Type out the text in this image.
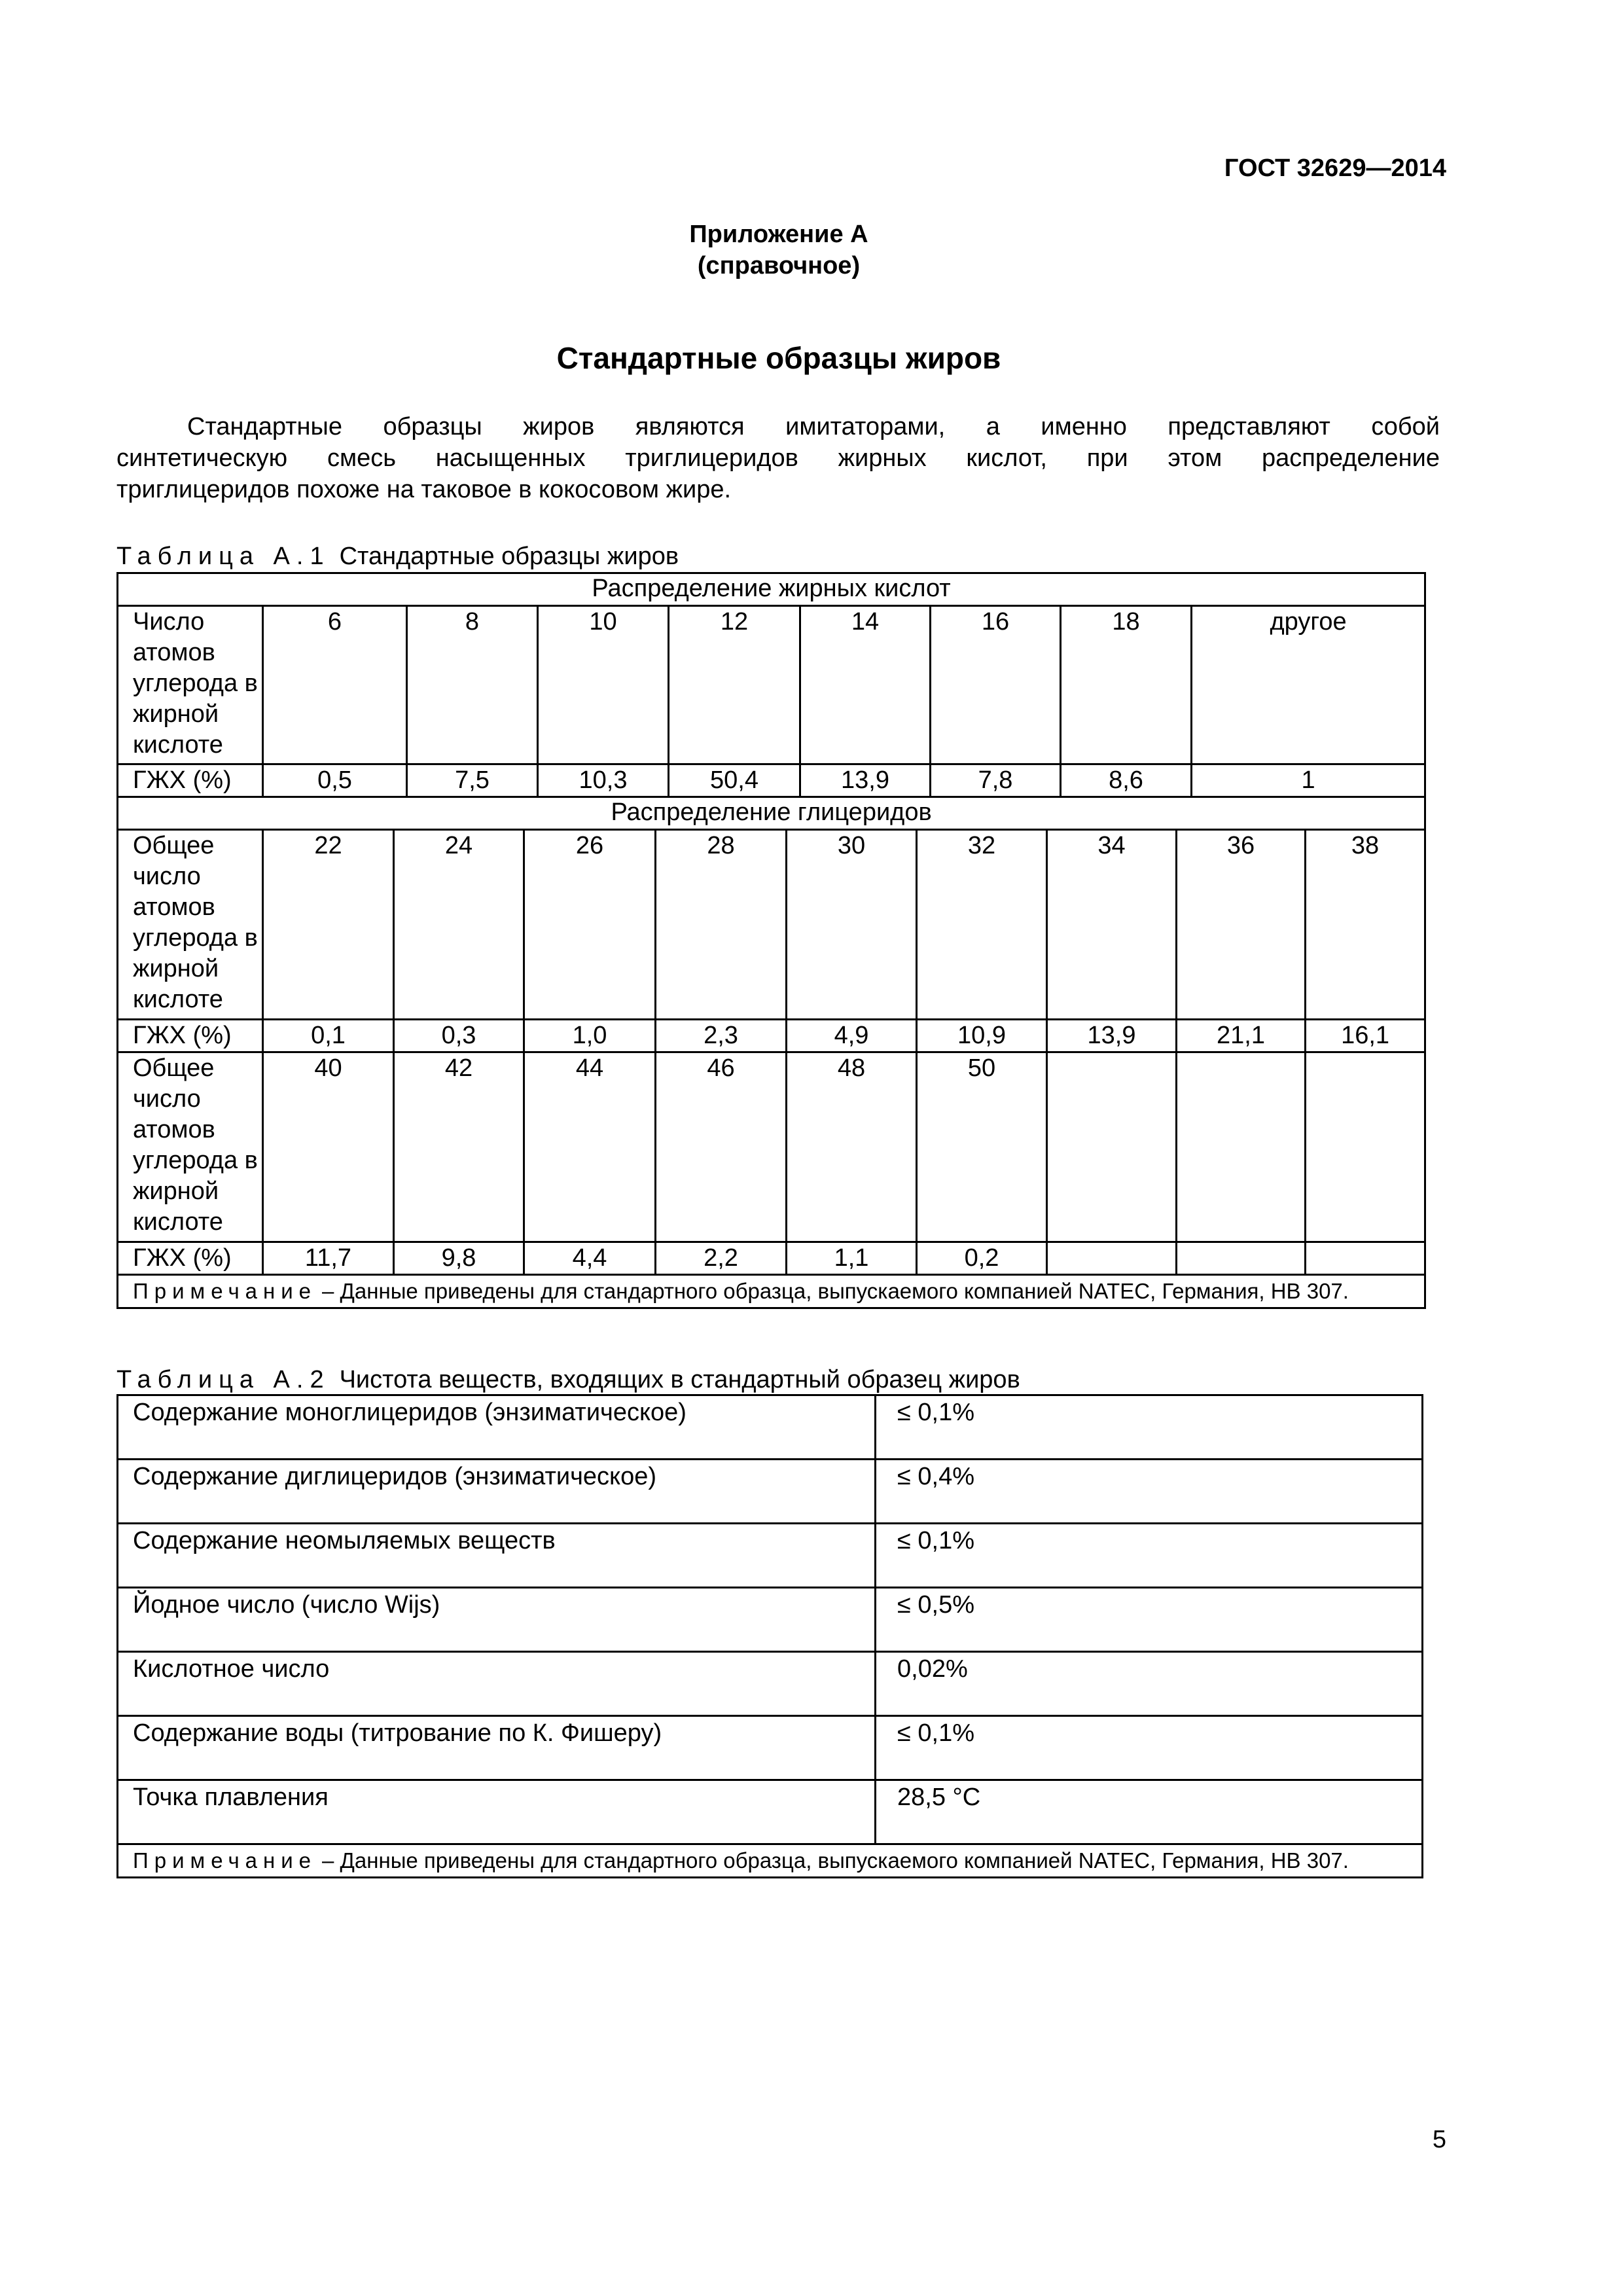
ГОСТ 32629—2014
Приложение А
(справочное)
Стандартные образцы жиров

Стандартные образцы жиров являются имитаторами, а именно представляют собой

синтетическую смесь насыщенных триглицеридов жирных кислот, при этом распределение

триглицеридов похоже на таковое в кокосовом жире.

Таблица А.1 Стандартные образцы жиров
Распределение жирных кислот																
Число атомов углерода в жирной кислоте	6		8		10		12		14		16		18		другое	
ГЖХ (%)	0,5		7,5		10,3		50,4		13,9		7,8		8,6		1	
Распределение глицеридов																
Общее число атомов углерода в жирной кислоте	22	24		26		28		30		32		34		36		38
ГЖХ (%)	0,1	0,3		1,0		2,3		4,9		10,9		13,9		21,1		16,1
Общее число атомов углерода в жирной кислоте	40	42		44		46		48		50						
ГЖХ (%)	11,7	9,8		4,4		2,2		1,1		0,2						
Примечание – Данные приведены для стандартного образца, выпускаемого компанией NATEC, Германия, НВ 307.																
Таблица А.2 Чистота веществ, входящих в стандартный образец жиров
Содержание моноглицеридов (энзиматическое)	≤ 0,1%
Содержание диглицеридов (энзиматическое)	≤ 0,4%
Содержание неомыляемых веществ	≤ 0,1%
Йодное число (число Wijs)	≤ 0,5%
Кислотное число	0,02%
Содержание воды (титрование по К. Фишеру)	≤ 0,1%
Точка плавления	28,5 °С
Примечание – Данные приведены для стандартного образца, выпускаемого компанией NATEC, Германия, НВ 307.	
5
